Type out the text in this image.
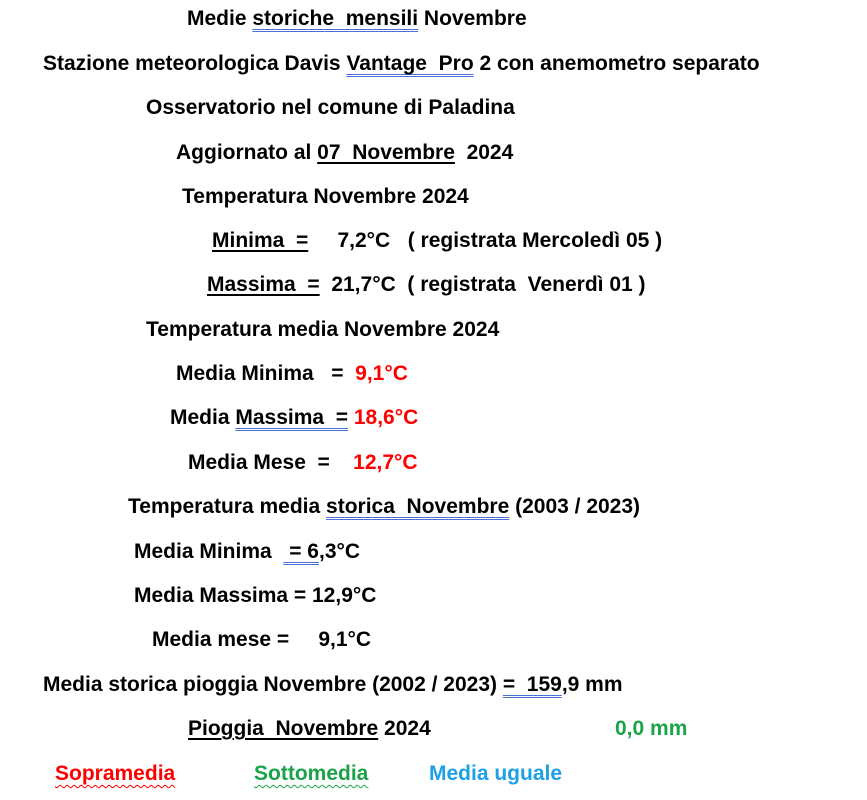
Medie storiche  mensili Novembre
Stazione meteorologica Davis Vantage  Pro 2 con anemometro separato
Osservatorio nel comune di Paladina
Aggiornato al 07  Novembre  2024
Temperatura Novembre 2024
Minima  =     7,2°C   ( registrata Mercoledì 05 )
Massima  =  21,7°C  ( registrata  Venerdì 01 )
Temperatura media Novembre 2024
Media Minima   =  9,1°C
Media Massima  = 18,6°C
Media Mese  =    12,7°C
Temperatura media storica  Novembre (2003 / 2023)
Media Minima   = 6,3°C
Media Massima = 12,9°C
Media mese =     9,1°C
Media storica pioggia Novembre (2002 / 2023) =  159,9 mm
Pioggia  Novembre 2024	0,0 mm
Sopramedia	Sottomedia	Media uguale
